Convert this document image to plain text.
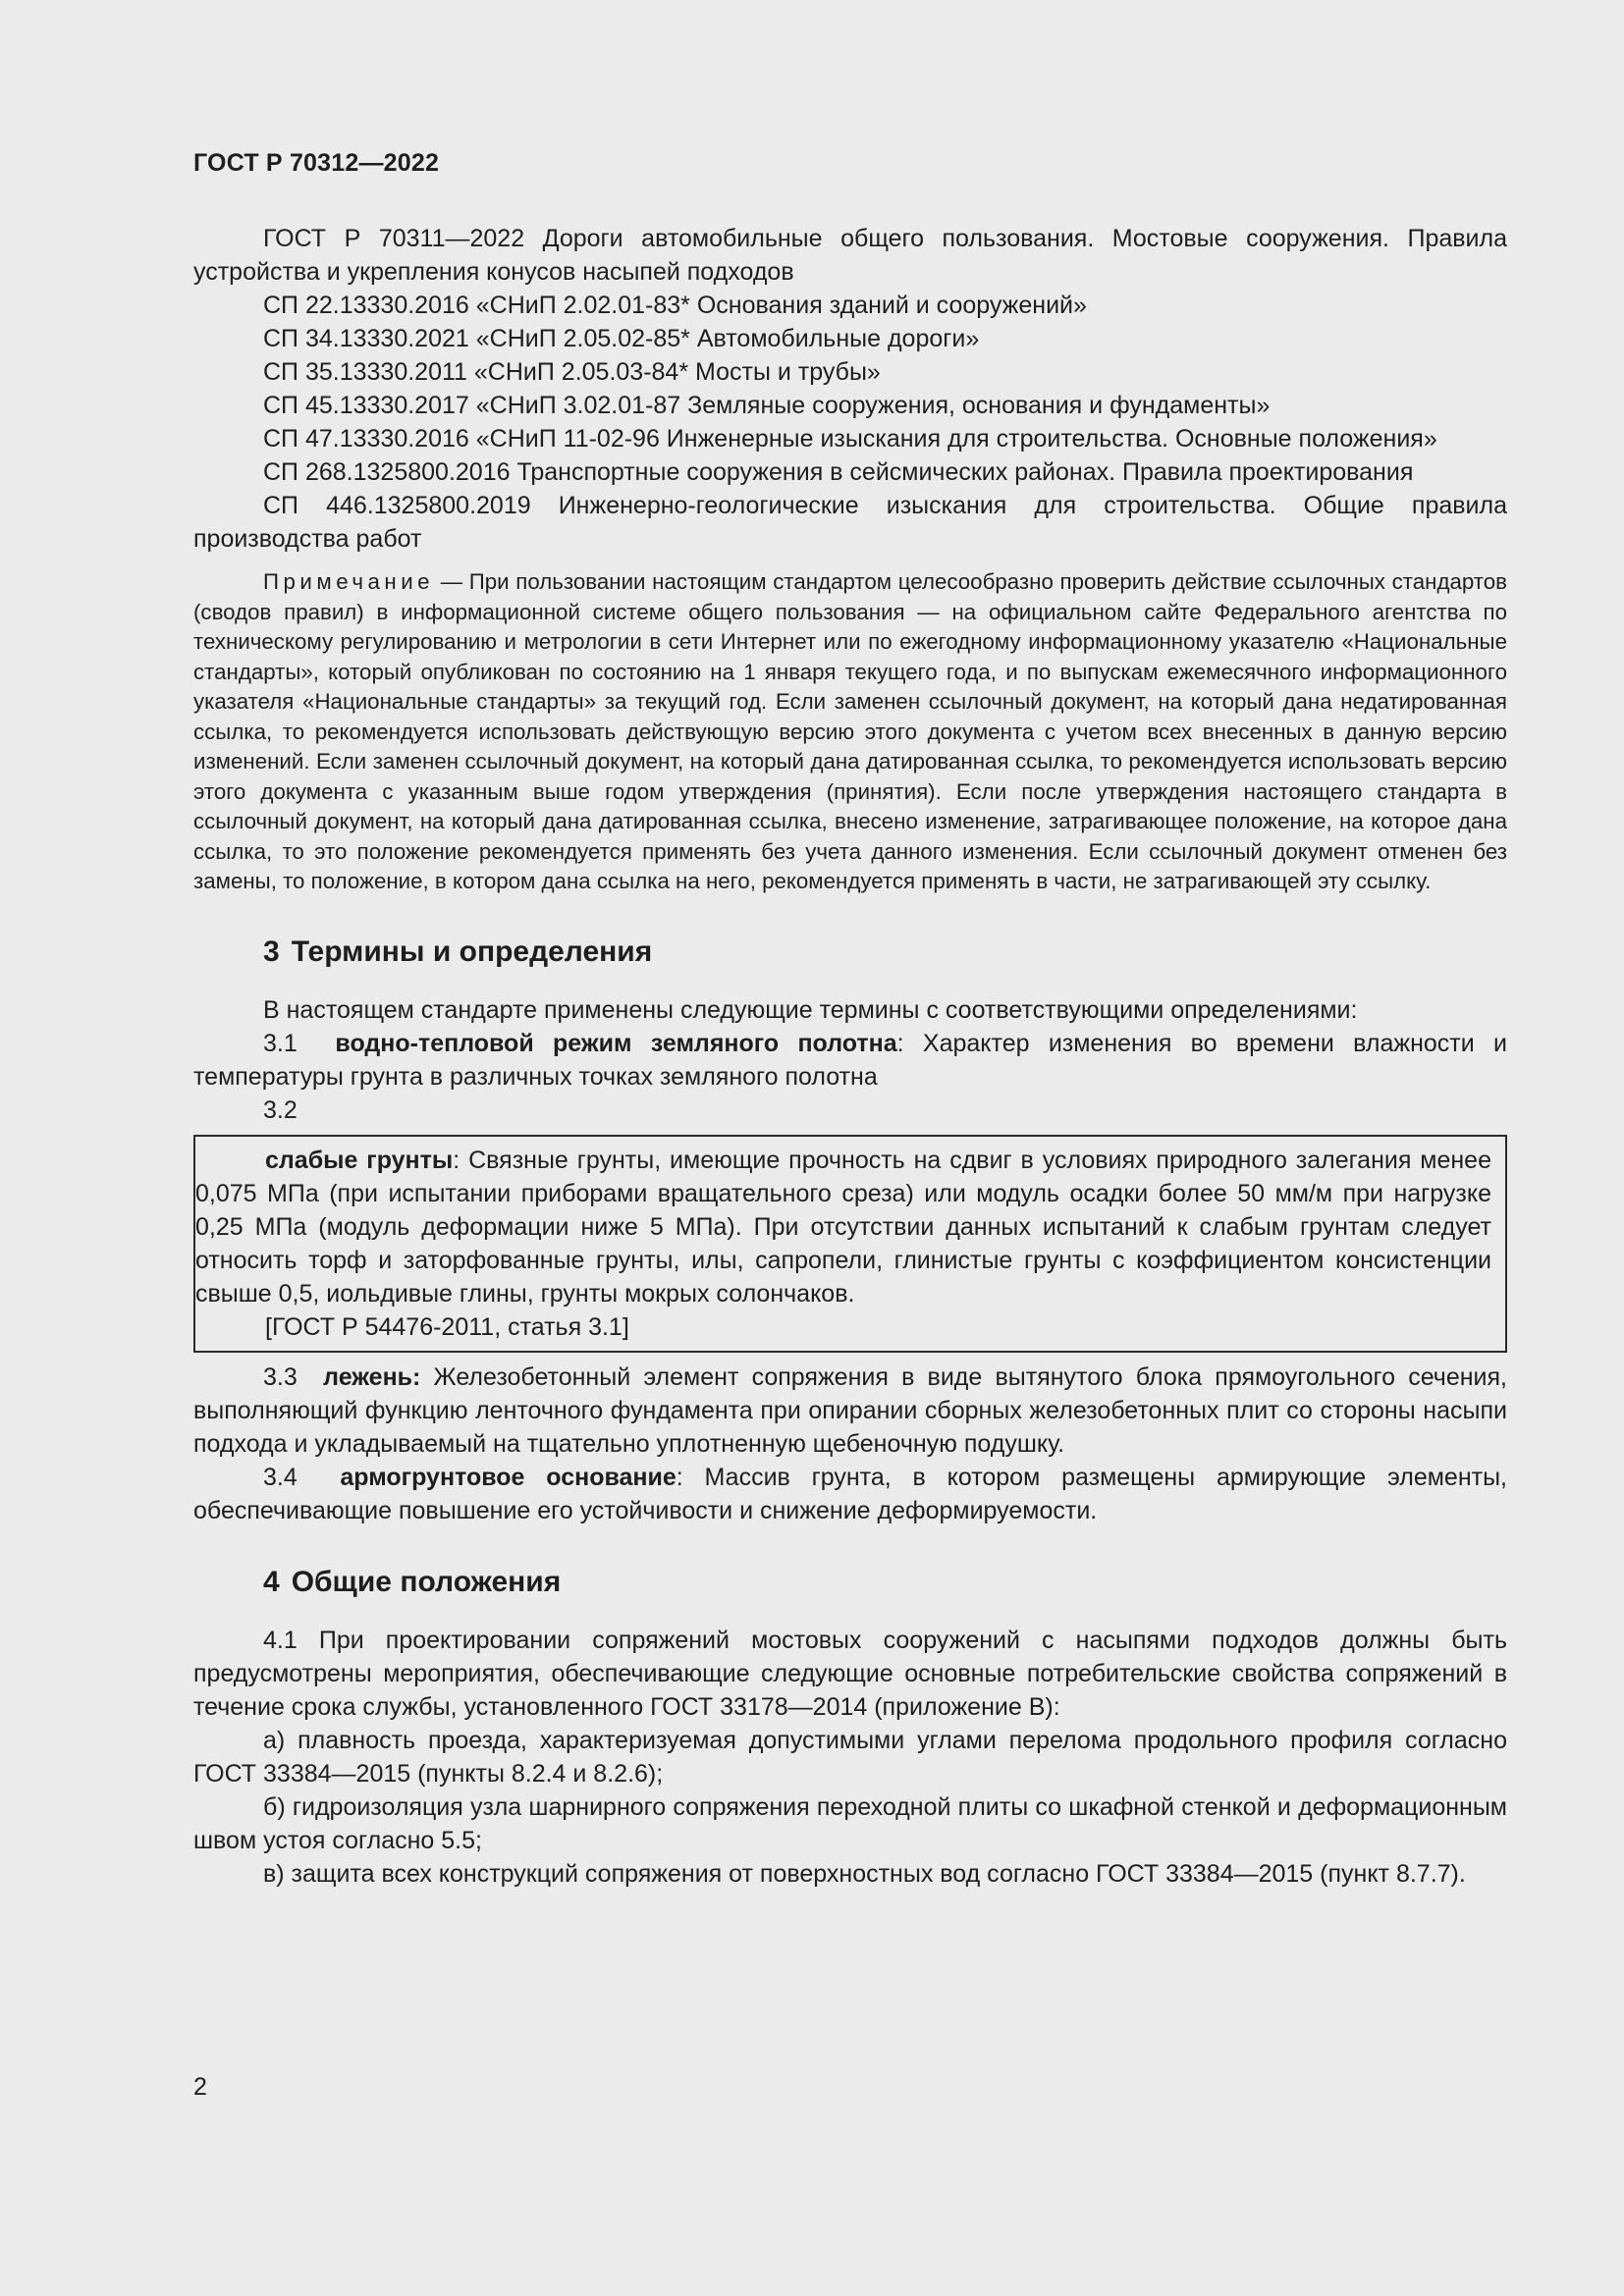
ГОСТ Р 70312—2022

ГОСТ Р 70311—2022 Дороги автомобильные общего пользования. Мостовые сооружения. Правила устройства и укрепления конусов насыпей подходов

СП 22.13330.2016 «СНиП 2.02.01-83* Основания зданий и сооружений»

СП 34.13330.2021 «СНиП 2.05.02-85* Автомобильные дороги»

СП 35.13330.2011 «СНиП 2.05.03-84* Мосты и трубы»

СП 45.13330.2017 «СНиП 3.02.01-87 Земляные сооружения, основания и фундаменты»

СП 47.13330.2016 «СНиП 11-02-96 Инженерные изыскания для строительства. Основные положения»

СП 268.1325800.2016 Транспортные сооружения в сейсмических районах. Правила проектирования

СП 446.1325800.2019 Инженерно-геологические изыскания для строительства. Общие правила производства работ

Примечание — При пользовании настоящим стандартом целесообразно проверить действие ссылочных стандартов (сводов правил) в информационной системе общего пользования — на официальном сайте Федерального агентства по техническому регулированию и метрологии в сети Интернет или по ежегодному информационному указателю «Национальные стандарты», который опубликован по состоянию на 1 января текущего года, и по выпускам ежемесячного информационного указателя «Национальные стандарты» за текущий год. Если заменен ссылочный документ, на который дана недатированная ссылка, то рекомендуется использовать действующую версию этого документа с учетом всех внесенных в данную версию изменений. Если заменен ссылочный документ, на который дана датированная ссылка, то рекомендуется использовать версию этого документа с указанным выше годом утверждения (принятия). Если после утверждения настоящего стандарта в ссылочный документ, на который дана датированная ссылка, внесено изменение, затрагивающее положение, на которое дана ссылка, то это положение рекомендуется применять без учета данного изменения. Если ссылочный документ отменен без замены, то положение, в котором дана ссылка на него, рекомендуется применять в части, не затрагивающей эту ссылку.

3 Термины и определения

В настоящем стандарте применены следующие термины с соответствующими определениями:

3.1 водно-тепловой режим земляного полотна: Характер изменения во времени влажности и температуры грунта в различных точках земляного полотна

3.2

слабые грунты: Связные грунты, имеющие прочность на сдвиг в условиях природного залегания менее 0,075 МПа (при испытании приборами вращательного среза) или модуль осадки более 50 мм/м при нагрузке 0,25 МПа (модуль деформации ниже 5 МПа). При отсутствии данных испытаний к слабым грунтам следует относить торф и заторфованные грунты, илы, сапропели, глинистые грунты с коэффициентом консистенции свыше 0,5, иольдивые глины, грунты мокрых солончаков.

[ГОСТ Р 54476-2011, статья 3.1]

3.3 лежень: Железобетонный элемент сопряжения в виде вытянутого блока прямоугольного сечения, выполняющий функцию ленточного фундамента при опирании сборных железобетонных плит со стороны насыпи подхода и укладываемый на тщательно уплотненную щебеночную подушку.

3.4 армогрунтовое основание: Массив грунта, в котором размещены армирующие элементы, обеспечивающие повышение его устойчивости и снижение деформируемости.

4 Общие положения

4.1 При проектировании сопряжений мостовых сооружений с насыпями подходов должны быть предусмотрены мероприятия, обеспечивающие следующие основные потребительские свойства сопряжений в течение срока службы, установленного ГОСТ 33178—2014 (приложение В):

а) плавность проезда, характеризуемая допустимыми углами перелома продольного профиля согласно ГОСТ 33384—2015 (пункты 8.2.4 и 8.2.6);

б) гидроизоляция узла шарнирного сопряжения переходной плиты со шкафной стенкой и деформационным швом устоя согласно 5.5;

в) защита всех конструкций сопряжения от поверхностных вод согласно ГОСТ 33384—2015 (пункт 8.7.7).

2
